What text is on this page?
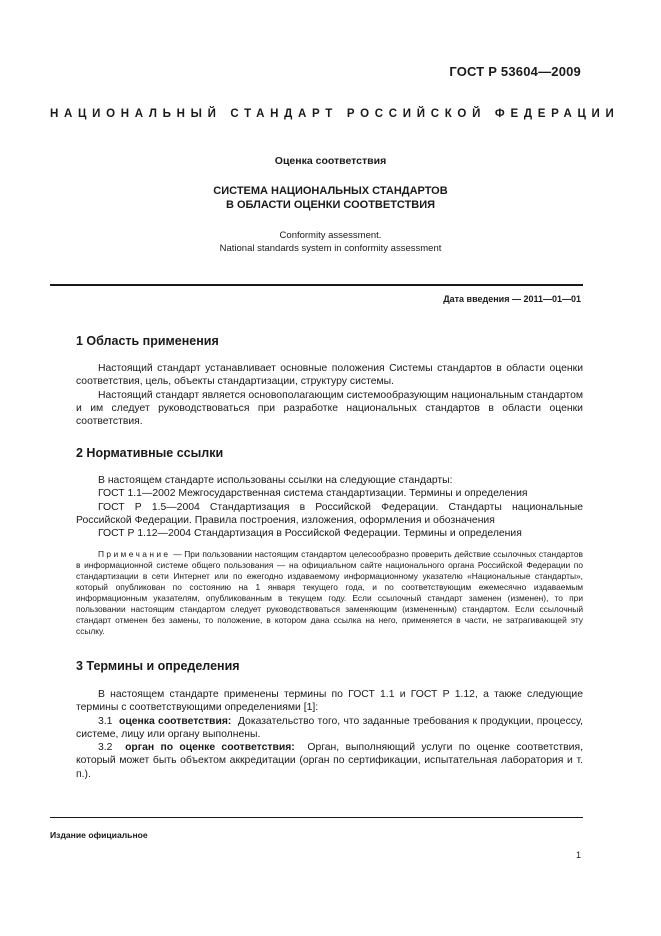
ГОСТ Р 53604—2009
НАЦИОНАЛЬНЫЙ СТАНДАРТ РОССИЙСКОЙ ФЕДЕРАЦИИ
Оценка соответствия
СИСТЕМА НАЦИОНАЛЬНЫХ СТАНДАРТОВ
В ОБЛАСТИ ОЦЕНКИ СООТВЕТСТВИЯ
Conformity assessment.
National standards system in conformity assessment
Дата введения — 2011—01—01
1 Область применения

Настоящий стандарт устанавливает основные положения Системы стандартов в области оценки соответствия, цель, объекты стандартизации, структуру системы.

Настоящий стандарт является основополагающим системообразующим национальным стандартом и им следует руководствоваться при разработке национальных стандартов в области оценки соответствия.

2 Нормативные ссылки

В настоящем стандарте использованы ссылки на следующие стандарты:

ГОСТ 1.1—2002 Межгосударственная система стандартизации. Термины и определения

ГОСТ Р 1.5—2004 Стандартизация в Российской Федерации. Стандарты национальные Российской Федерации. Правила построения, изложения, оформления и обозначения

ГОСТ Р 1.12—2004 Стандартизация в Российской Федерации. Термины и определения

Примечание — При пользовании настоящим стандартом целесообразно проверить действие ссылочных стандартов в информационной системе общего пользования — на официальном сайте национального органа Российской Федерации по стандартизации в сети Интернет или по ежегодно издаваемому информационному указателю «Национальные стандарты», который опубликован по состоянию на 1 января текущего года, и по соответствующим ежемесячно издаваемым информационным указателям, опубликованным в текущем году. Если ссылочный стандарт заменен (изменен), то при пользовании настоящим стандартом следует руководствоваться заменяющим (измененным) стандартом. Если ссылочный стандарт отменен без замены, то положение, в котором дана ссылка на него, применяется в части, не затрагивающей эту ссылку.

3 Термины и определения

В настоящем стандарте применены термины по ГОСТ 1.1 и ГОСТ Р 1.12, а также следующие термины с соответствующими определениями [1]:

3.1 оценка соответствия: Доказательство того, что заданные требования к продукции, процессу, системе, лицу или органу выполнены.

3.2 орган по оценке соответствия: Орган, выполняющий услуги по оценке соответствия, который может быть объектом аккредитации (орган по сертификации, испытательная лаборатория и т. п.).

Издание официальное
1
